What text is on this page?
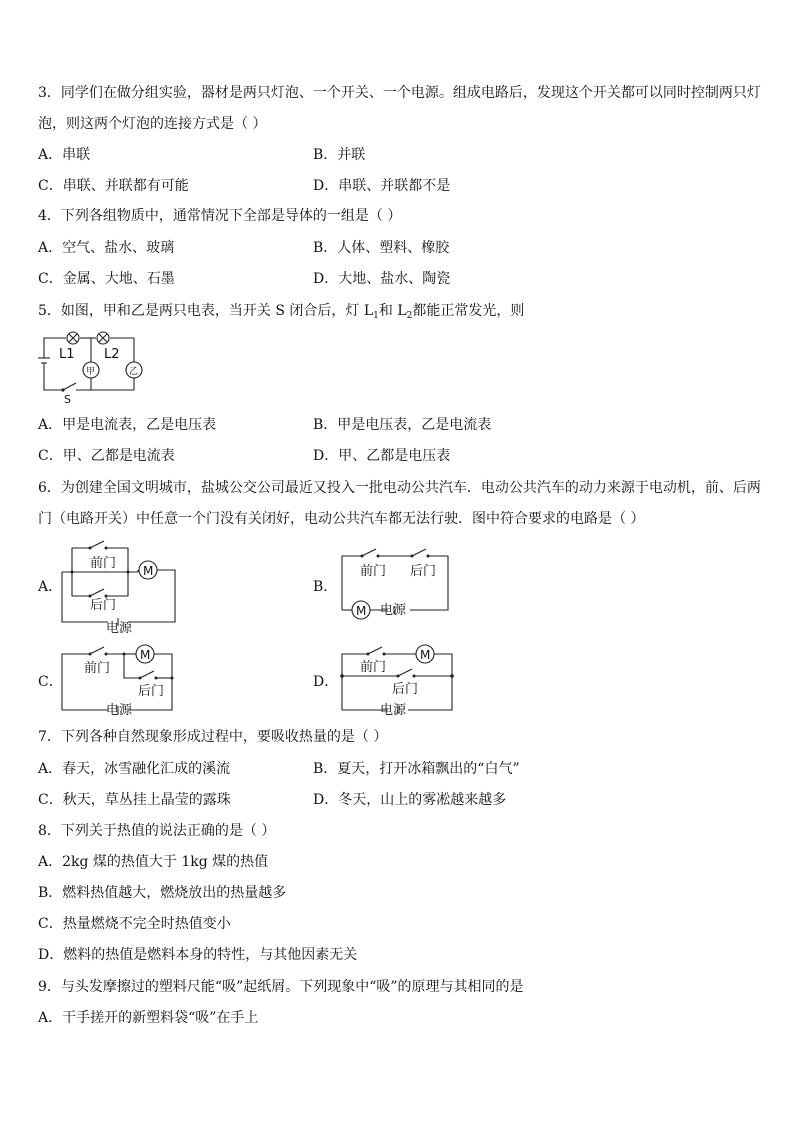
3．同学们在做分组实验，器材是两只灯泡、一个开关、一个电源。组成电路后，发现这个开关都可以同时控制两只灯
泡，则这两个灯泡的连接方式是（ ）
A．串联	B．并联
C．串联、并联都有可能	D．串联、并联都不是
4．下列各组物质中，通常情况下全部是导体的一组是（ ）
A．空气、盐水、玻璃	B．人体、塑料、橡胶
C．金属、大地、石墨	D．大地、盐水、陶瓷
5．如图，甲和乙是两只电表，当开关 S 闭合后，灯 $L_1$和 $L_2$都能正常发光，则
L1 L2
甲	乙
S
A．甲是电流表，乙是电压表	B．甲是电压表，乙是电流表
C．甲、乙都是电流表	D．甲、乙都是电压表
6．为创建全国文明城市，盐城公交公司最近又投入一批电动公共汽车．电动公共汽车的动力来源于电动机，前、后两
门（电路开关）中任意一个门没有关闭好，电动公共汽车都无法行驶．图中符合要求的电路是（ ）
A．
M
前门
后门
电源
B．
M
前门 后门
电源
C．
M
前门
后门
电源
D．
M
前门
后门
电源
7．下列各种自然现象形成过程中，要吸收热量的是（ ）
A．春天，冰雪融化汇成的溪流	B．夏天，打开冰箱飘出的“白气”
C．秋天，草丛挂上晶莹的露珠	D．冬天，山上的雾凇越来越多
8．下列关于热值的说法正确的是（ ）
A．2kg 煤的热值大于 1kg 煤的热值
B．燃料热值越大，燃烧放出的热量越多
C．热量燃烧不完全时热值变小
D．燃料的热值是燃料本身的特性，与其他因素无关
9．与头发摩擦过的塑料尺能“吸”起纸屑。下列现象中“吸”的原理与其相同的是
A．干手搓开的新塑料袋“吸”在手上
